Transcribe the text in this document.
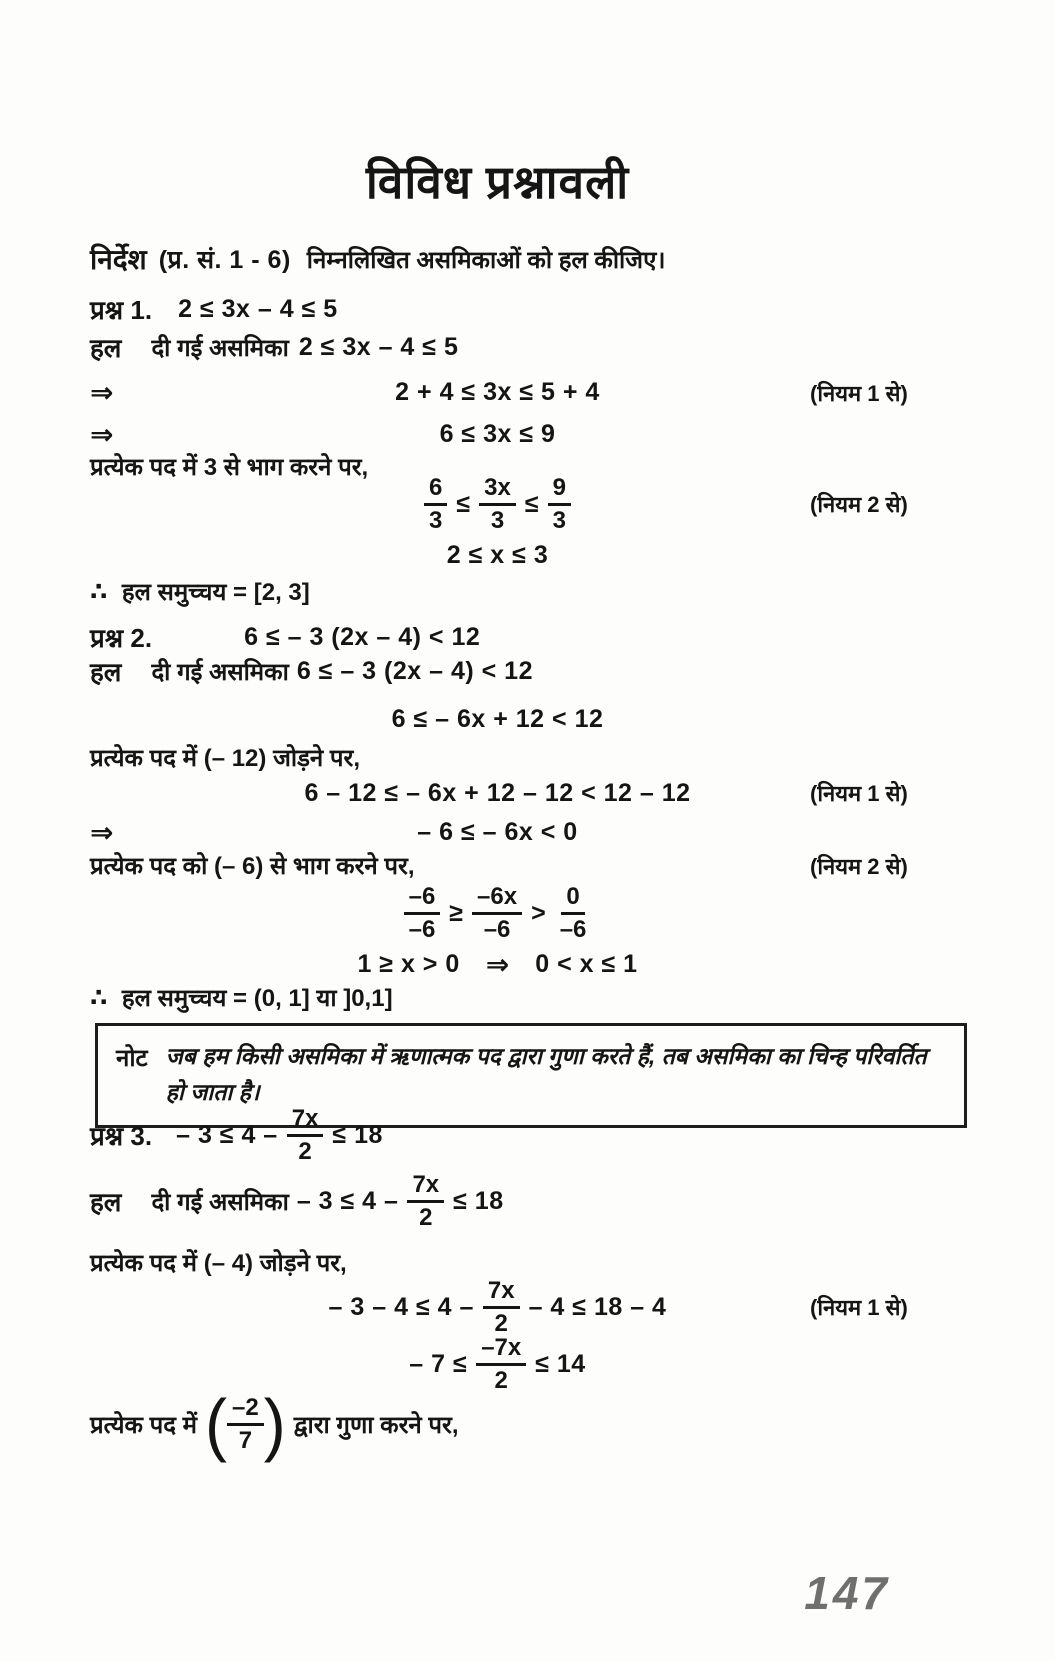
विविध प्रश्नावली
निर्देश (प्र. सं. 1 - 6) निम्नलिखित असमिकाओं को हल कीजिए।
प्रश्न 1. 2 ≤ 3x – 4 ≤ 5
हल दी गई असमिका 2 ≤ 3x – 4 ≤ 5
⇒	2 + 4 ≤ 3x ≤ 5 + 4	(नियम 1 से)
⇒	6 ≤ 3x ≤ 9
प्रत्येक पद में 3 से भाग करने पर,
$\frac{6}{3} \le \frac{3x}{3} \le \frac{9}{3}$	(नियम 2 से)
2 ≤ x ≤ 3
∴ हल समुच्चय = [2, 3]
प्रश्न 2.	6 ≤ – 3 (2x – 4) < 12
हल दी गई असमिका 6 ≤ – 3 (2x – 4) < 12
6 ≤ – 6x + 12 < 12
प्रत्येक पद में (– 12) जोड़ने पर,
6 – 12 ≤ – 6x + 12 – 12 < 12 – 12	(नियम 1 से)
⇒	– 6 ≤ – 6x < 0
प्रत्येक पद को (– 6) से भाग करने पर,	(नियम 2 से)
$\frac{-6}{-6} \ge \frac{-6x}{-6} > \frac{0}{-6}$
1 ≥ x > 0 ⇒ 0 < x ≤ 1
∴ हल समुच्चय = (0, 1] या ]0,1]
नोट जब हम किसी असमिका में ऋणात्मक पद द्वारा गुणा करते हैं, तब असमिका का चिन्ह परिवर्तित हो जाता है।
प्रश्न 3. – $3 \le 4 - \frac{7x}{2} \le 18$
हल दी गई असमिका – $3 \le 4 - \frac{7x}{2} \le 18$
प्रत्येक पद में (– 4) जोड़ने पर,
– $3 - 4 \le 4 - \frac{7x}{2} - 4 \le 18 - 4$	(नियम 1 से)
– $7 \le \frac{-7x}{2} \le 14$
प्रत्येक पद में ( $\frac{-2}{7}$ ) द्वारा गुणा करने पर,
147
